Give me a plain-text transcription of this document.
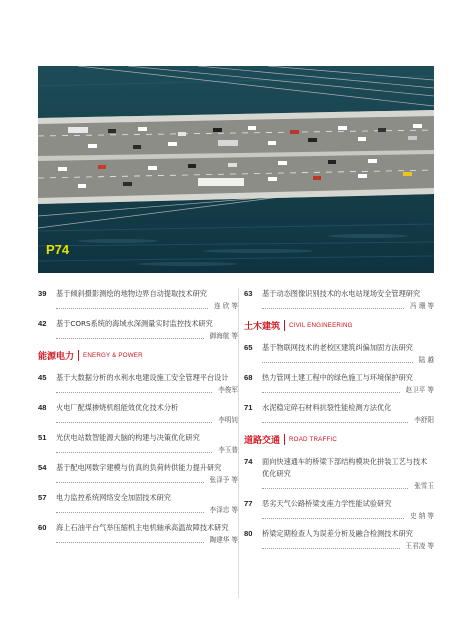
P74
39 基于倾斜摄影测绘的地物边界自动提取技术研究
连 欣 等
42 基于CORS系统的海域水深测量实时监控技术研究
御海航 等
能源电力 ENERGY & POWER
45 基于大数据分析的水利水电建设施工安全管理平台设计
李俊军
48 火电厂配煤掺烧机组能效优化技术分析
李明钊
51 光伏电站数智能源大脑的构建与决策优化研究
李玉普
54 基于配电网数字建模与仿真的负荷转供能力提升研究
张泽予 等
57 电力监控系统网络安全加固技术研究
李泽忠 等
60 海上石油平台气举压缩机主电机轴承高温故障技术研究
陶建华 等
63 基于动态图像识别技术的水电站现场安全管理研究
冯 珊 等
土木建筑 CIVIL ENGINEERING
65 基于物联网技术的老校区建筑纠偏加固方法研究
陆 越
68 热力管网土建工程中的绿色施工与环境保护研究
赵卫平 等
71 水泥稳定碎石材料抗裂性能检测方法优化
李舒阳
道路交通 ROAD TRAFFIC
74 面向快速通车的桥梁下部结构模块化拼装工艺与技术优化研究
张雪玉
77 恶劣天气公路桥梁支座力学性能试验研究
史 纳 等
80 桥梁定期检查人为误差分析及融合检测技术研究
王君凌 等
